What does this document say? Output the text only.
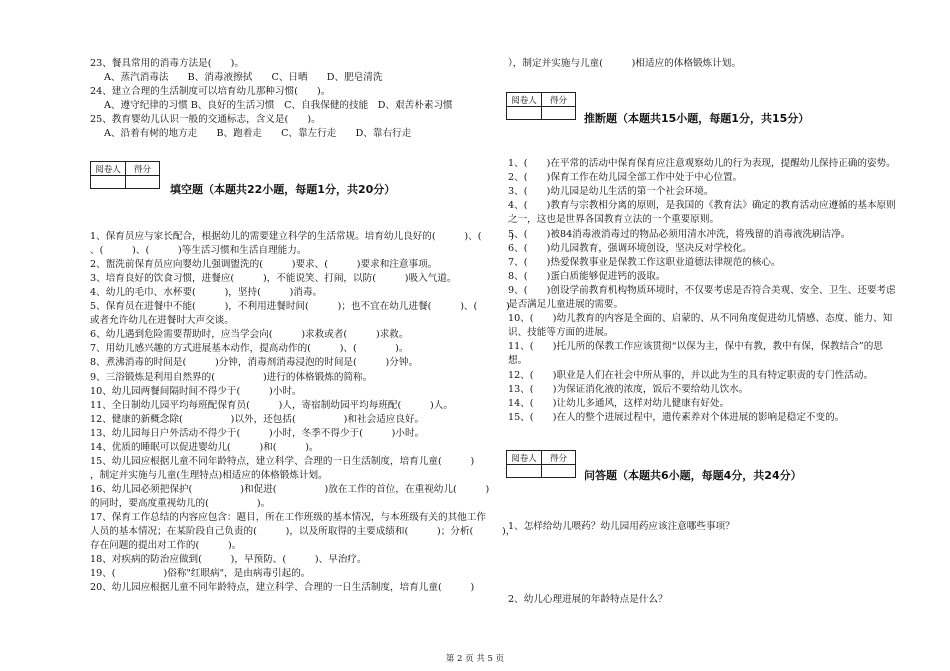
23、餐具常用的消毒方法是(　　)。
A、蒸汽消毒法　　B、消毒液擦拭　　C、日晒　　D、肥皂清洗
24、建立合理的生活制度可以培育幼儿那种习惯(　　)。
A、遵守纪律的习惯 B、良好的生活习惯　C、自我保健的技能　D、艰苦朴素习惯
25、教育婴幼儿认识一般的交通标志，含义是(　　)。
A、沿着有树的地方走　　B、跑着走　　C、靠左行走　　D、靠右行走
阅卷人	得分
填空题（本题共22小题，每题1分，共20分）
1、保育员应与家长配合，根据幼儿的需要建立科学的生活常规。培育幼儿良好的(　　　)、(　　　)
、(　　　)、(　　　)等生活习惯和生活自理能力。
2、盥洗前保育员应向婴幼儿强调盥洗的(　　　)要求、(　　　)要求和注意事项。
3、培育良好的饮食习惯，进餐应(　　　)，不能说笑、打闹，以防(　　　)吸入气道。
4、幼儿的毛巾、水杯要(　　　)，坚持(　　　)消毒。
5、保育员在进餐中不能(　　　)，不利用进餐时间(　　　)；也不宜在幼儿进餐(　　　)、(　　　)
或者允许幼儿在进餐时大声交谈。
6、幼儿遇到危险需要帮助时，应当学会向(　　　)求救或者(　　　)求救。
7、用幼儿感兴趣的方式进展基本动作，提高动作的(　　　)、(　　　　)。
8、煮沸消毒的时间是(　　　)分钟，消毒剂消毒浸泡的时间是(　　　)分钟。
9、三浴锻炼是利用自然界的(　　　　　)进行的体格锻炼的简称。
10、幼儿园两餐间隔时间不得少于(　　　)小时。
11、全日制幼儿园平均每班配保育员(　　　)人，寄宿制幼园平均每班配(　　　)人。
12、健康的新概念除(　　　　　)以外，还包括(　　　　　)和社会适应良好。
13、幼儿园每日户外活动不得少于(　　　)小时，冬季不得少于(　　　)小时。
14、优质的睡眠可以促进婴幼儿(　　　)和(　　　)。
15、幼儿园应根据儿童不同年龄特点，建立科学、合理的一日生活制度，培育儿童(　　　)
，制定并实施与儿童(生理特点)相适应的体格锻炼计划。
16、幼儿园必须把保护(　　　　　)和促进(　　　　　)放在工作的首位，在重视幼儿(　　　)
的同时，要高度重视幼儿的(　　　　　)。
17、保育工作总结的内容应包含：题目，所在工作班级的基本情况，与本班级有关的其他工作
人员的基本情况；在某阶段自己负责的(　　　)，以及所取得的主要成绩和(　　　)；分析(　　　)，
存在问题的提出对工作的(　　　)。
18、对疾病的防治应做到(　　　)，早预防、(　　　)、早治疗。
19、(　　　　　)俗称"红眼病"，是由病毒引起的。
20、幼儿园应根据儿童不同年龄特点，建立科学、合理的一日生活制度，培育儿童(　　　)
），制定并实施与儿童(　　　)相适应的体格锻炼计划。
阅卷人	得分
推断题（本题共15小题，每题1分，共15分）
1、(　　)在平常的活动中保育保育应注意观察幼儿的行为表现，提醒幼儿保持正确的姿势。
2、(　　)保育工作在幼儿园全部工作中处于中心位置。
3、(　　)幼儿园是幼儿生活的第一个社会环境。
4、(　　)教育与宗教相分离的原则，是我国的《教育法》确定的教育活动应遵循的基本原则
之一，这也是世界各国教育立法的一个重要原则。
5、(　　)被84消毒液消毒过的物品必须用清水冲洗，将残留的消毒液洗刷洁净。
6、(　　)幼儿园教育，强调环境创设，坚决反对学校化。
7、(　　)热爱保教事业是保教工作这职业道德法律规范的核心。
8、(　　)蛋白质能够促进钙的汲取。
9、(　　)创设学前教育机构物质环境时，不仅要考虑是否符合美观、安全、卫生、还要考虑
是否满足儿童进展的需要。
10、(　　)幼儿教育的内容是全面的、启蒙的、从不同角度促进幼儿情感、态度、能力、知
识、技能等方面的进展。
11、(　　)托儿所的保教工作应该贯彻“以保为主，保中有教，教中有保，保教结合”的思
想。
12、(　　)职业是人们在社会中所从事的，并以此为生的具有特定职责的专门性活动。
13、(　　)为保证消化液的浓度，饭后不要给幼儿饮水。
14、(　　)让幼儿多通风，这样对幼儿健康有好处。
15、(　　)在人的整个进展过程中，遗传素养对个体进展的影响是稳定不变的。
阅卷人	得分
问答题（本题共6小题，每题4分，共24分）
1、怎样给幼儿喂药？幼儿园用药应该注意哪些事项？
2、幼儿心理进展的年龄特点是什么？
第 2 页 共 5 页
